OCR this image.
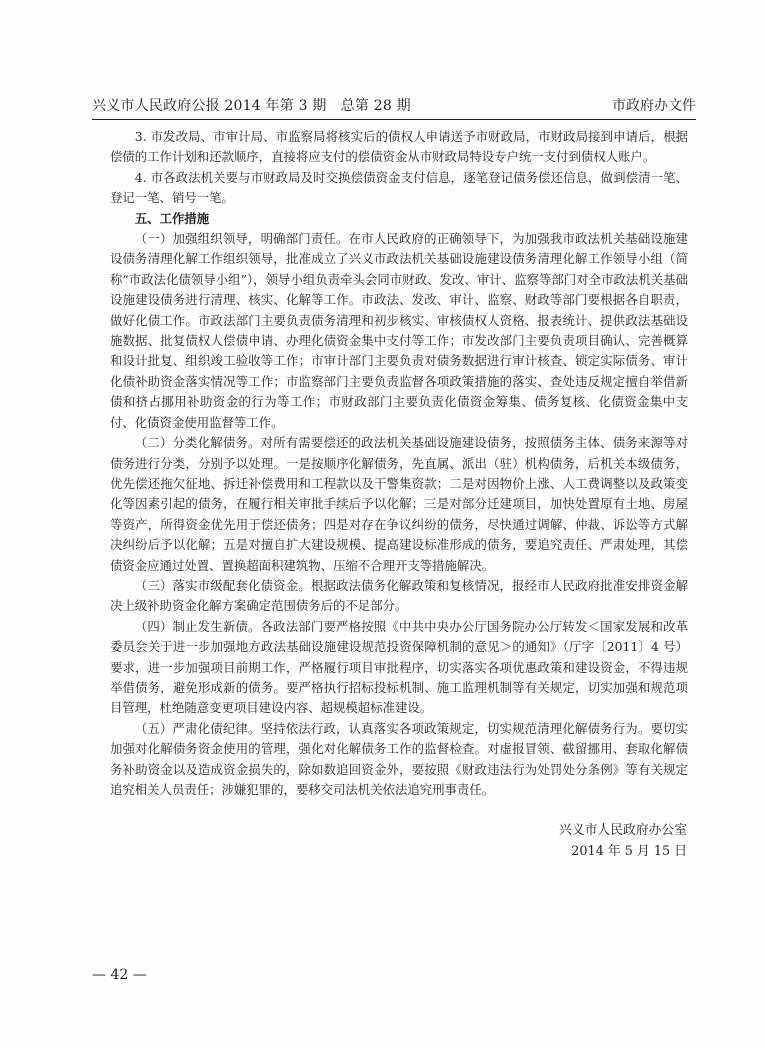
兴义市人民政府公报 2014 年第 3 期　总第 28 期	市政府办文件

3. 市发改局、市审计局、市监察局将核实后的债权人申请送予市财政局，市财政局接到申请后，根据偿债的工作计划和还款顺序，直接将应支付的偿债资金从市财政局特设专户统一支付到债权人账户。

4. 市各政法机关要与市财政局及时交换偿债资金支付信息，逐笔登记债务偿还信息，做到偿清一笔、登记一笔、销号一笔。

五、工作措施

（一）加强组织领导，明确部门责任。在市人民政府的正确领导下，为加强我市政法机关基础设施建设债务清理化解工作组织领导，批准成立了兴义市政法机关基础设施建设债务清理化解工作领导小组（简称“市政法化债领导小组”），领导小组负责牵头会同市财政、发改、审计、监察等部门对全市政法机关基础设施建设债务进行清理、核实、化解等工作。市政法、发改、审计、监察、财政等部门要根据各自职责，做好化债工作。市政法部门主要负责债务清理和初步核实、审核债权人资格、报表统计、提供政法基础设施数据、批复债权人偿债申请、办理化债资金集中支付等工作；市发改部门主要负责项目确认、完善概算和设计批复、组织竣工验收等工作；市审计部门主要负责对债务数据进行审计核查、锁定实际债务、审计化债补助资金落实情况等工作；市监察部门主要负责监督各项政策措施的落实、查处违反规定擅自举借新债和挤占挪用补助资金的行为等工作；市财政部门主要负责化债资金筹集、债务复核、化债资金集中支付、化债资金使用监督等工作。

（二）分类化解债务。对所有需要偿还的政法机关基础设施建设债务，按照债务主体、债务来源等对债务进行分类，分别予以处理。一是按顺序化解债务，先直属、派出（驻）机构债务，后机关本级债务，优先偿还拖欠征地、拆迁补偿费用和工程款以及干警集资款；二是对因物价上涨、人工费调整以及政策变化等因素引起的债务，在履行相关审批手续后予以化解；三是对部分迁建项目，加快处置原有土地、房屋等资产，所得资金优先用于偿还债务；四是对存在争议纠纷的债务，尽快通过调解、仲裁、诉讼等方式解决纠纷后予以化解；五是对擅自扩大建设规模、提高建设标准形成的债务，要追究责任、严肃处理，其偿债资金应通过处置、置换超面积建筑物、压缩不合理开支等措施解决。

（三）落实市级配套化债资金。根据政法债务化解政策和复核情况，报经市人民政府批准安排资金解决上级补助资金化解方案确定范围债务后的不足部分。

（四）制止发生新债。各政法部门要严格按照《中共中央办公厅国务院办公厅转发＜国家发展和改革委员会关于进一步加强地方政法基础设施建设规范投资保障机制的意见＞的通知》（厅字〔2011〕4 号）要求，进一步加强项目前期工作，严格履行项目审批程序，切实落实各项优惠政策和建设资金，不得违规举借债务，避免形成新的债务。要严格执行招标投标机制、施工监理机制等有关规定，切实加强和规范项目管理，杜绝随意变更项目建设内容、超规模超标准建设。

（五）严肃化债纪律。坚持依法行政，认真落实各项政策规定，切实规范清理化解债务行为。要切实加强对化解债务资金使用的管理，强化对化解债务工作的监督检查。对虚报冒领、截留挪用、套取化解债务补助资金以及造成资金损失的，除如数追回资金外，要按照《财政违法行为处罚处分条例》等有关规定追究相关人员责任；涉嫌犯罪的，要移交司法机关依法追究刑事责任。

兴义市人民政府办公室
2014 年 5 月 15 日
— 42 —
